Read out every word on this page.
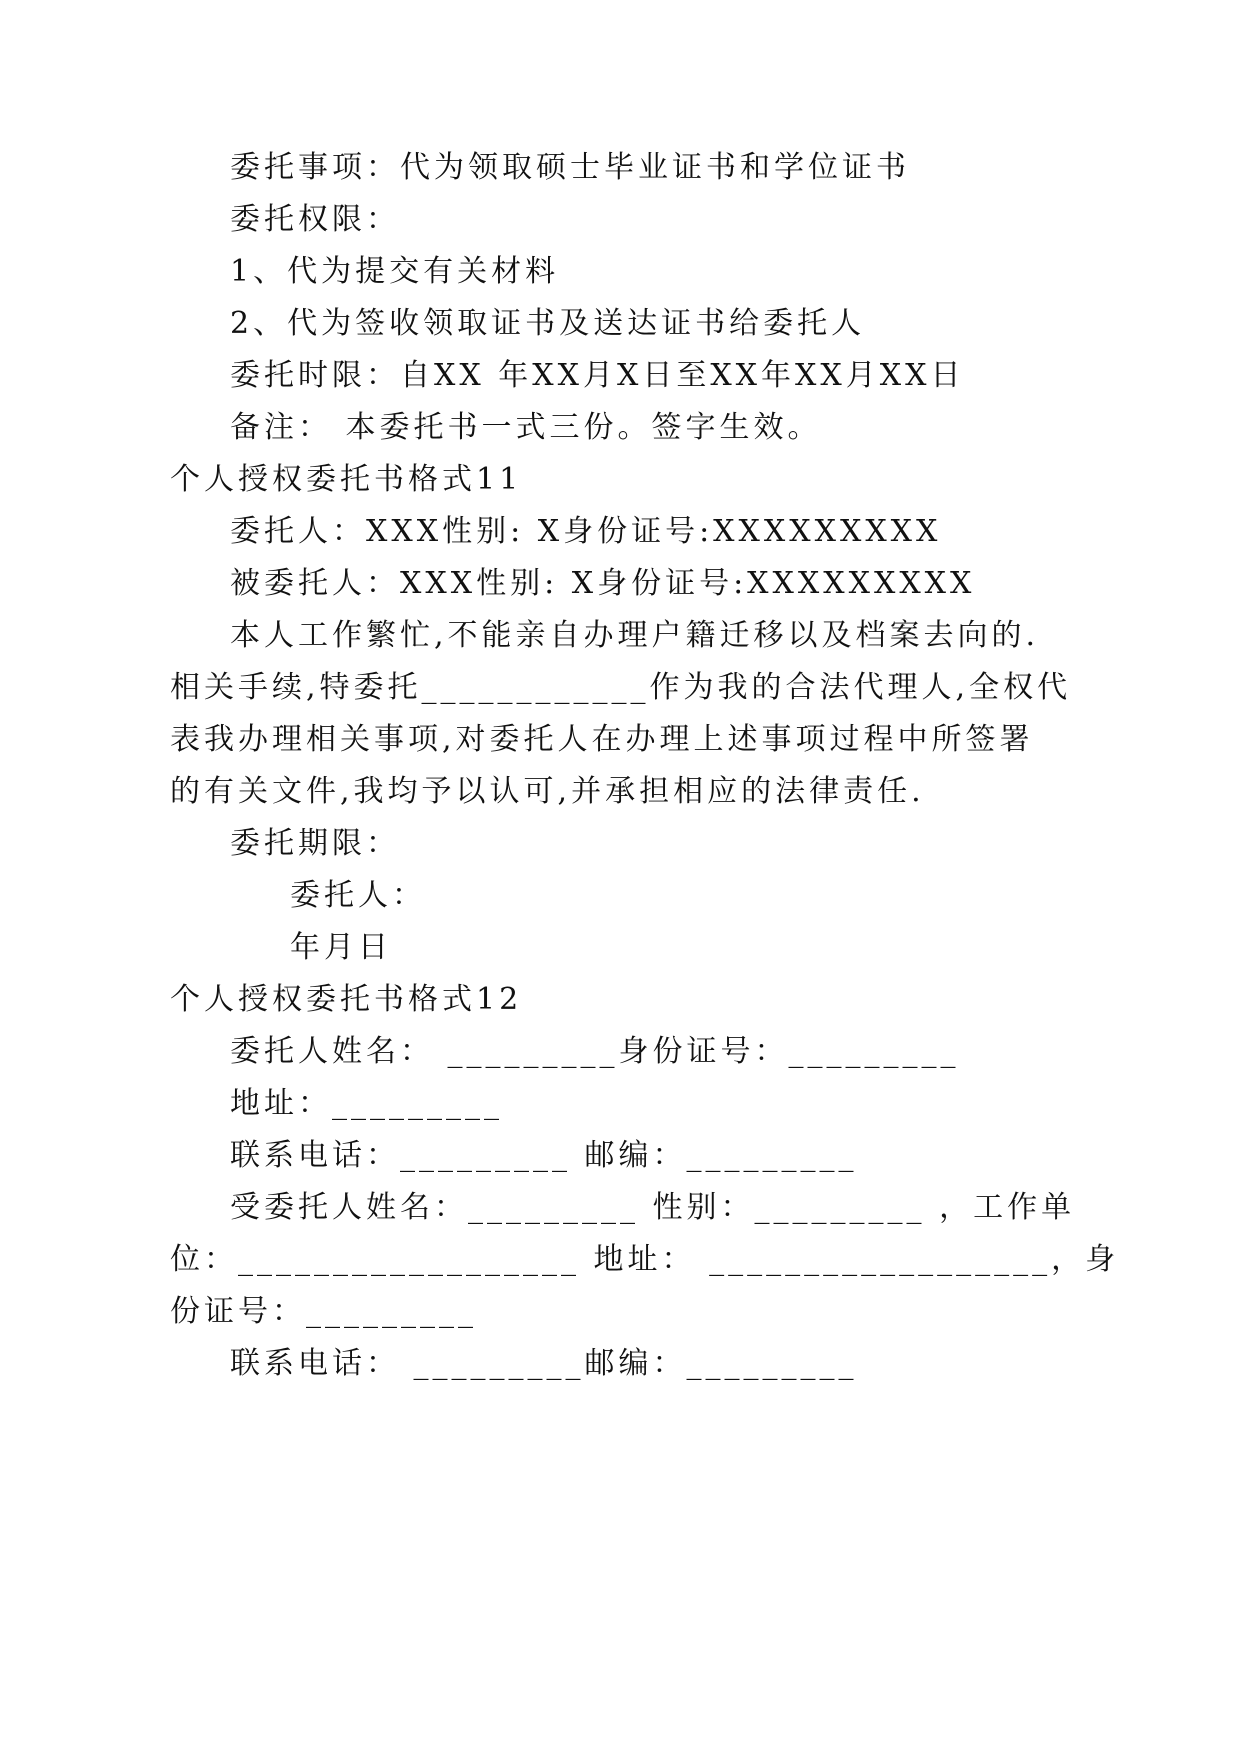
委托事项：代为领取硕士毕业证书和学位证书
委托权限：
1、代为提交有关材料
2、代为签收领取证书及送达证书给委托人
委托时限：自XX 年XX月X日至XX年XX月XX日
备注： 本委托书一式三份。签字生效。
个人授权委托书格式11
委托人：XXX性别: X身份证号:XXXXXXXXX
被委托人：XXX性别: X身份证号:XXXXXXXXX
本人工作繁忙,不能亲自办理户籍迁移以及档案去向的.
相关手续,特委托____________作为我的合法代理人,全权代
表我办理相关事项,对委托人在办理上述事项过程中所签署
的有关文件,我均予以认可,并承担相应的法律责任.
委托期限：
委托人：
年月日
个人授权委托书格式12
委托人姓名： _________身份证号：_________
地址：_________
联系电话：_________ 邮编：_________
受委托人姓名：_________ 性别：_________ ，工作单
位：__________________ 地址： __________________，身
份证号：_________
联系电话： _________邮编：_________
